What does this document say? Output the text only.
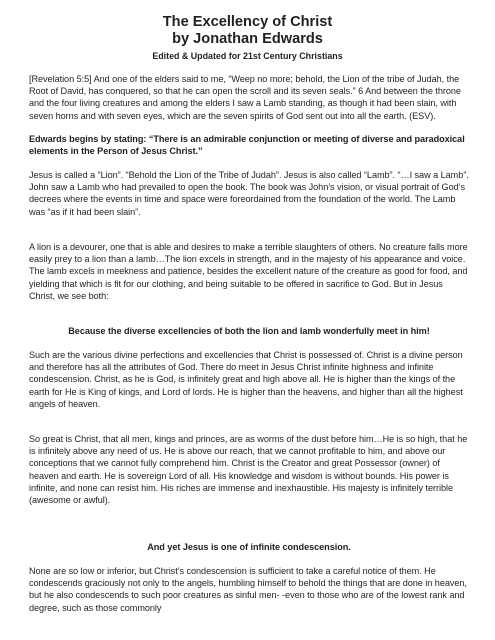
The Excellency of Christ
by Jonathan Edwards
Edited & Updated for 21st Century Christians

[Revelation 5:5] And one of the elders said to me, “Weep no more; behold, the Lion of the tribe of Judah, the Root of David, has conquered, so that he can open the scroll and its seven seals.” 6 And between the throne and the four living creatures and among the elders I saw a Lamb standing, as though it had been slain, with seven horns and with seven eyes, which are the seven spirits of God sent out into all the earth. (ESV).

Edwards begins by stating: “There is an admirable conjunction or meeting of diverse and paradoxical elements in the Person of Jesus Christ.”

Jesus is called a “Lion”. “Behold the Lion of the Tribe of Judah”. Jesus is also called “Lamb”. “…I saw a Lamb”. John saw a Lamb who had prevailed to open the book. The book was John’s vision, or visual portrait of God’s decrees where the events in time and space were foreordained from the foundation of the world. The Lamb was “as if it had been slain”.

A lion is a devourer, one that is able and desires to make a terrible slaughters of others. No creature falls more easily prey to a lion than a lamb…The lion excels in strength, and in the majesty of his appearance and voice. The lamb excels in meekness and patience, besides the excellent nature of the creature as good for food, and yielding that which is fit for our clothing, and being suitable to be offered in sacrifice to God. But in Jesus Christ, we see both:

Because the diverse excellencies of both the lion and lamb wonderfully meet in him!

Such are the various divine perfections and excellencies that Christ is possessed of. Christ is a divine person and therefore has all the attributes of God. There do meet in Jesus Christ infinite highness and infinite condescension. Christ, as he is God, is infinitely great and high above all. He is higher than the kings of the earth for He is King of kings, and Lord of lords. He is higher than the heavens, and higher than all the highest angels of heaven.

So great is Christ, that all men, kings and princes, are as worms of the dust before him…He is so high, that he is infinitely above any need of us. He is above our reach, that we cannot profitable to him, and above our conceptions that we cannot fully comprehend him. Christ is the Creator and great Possessor (owner) of heaven and earth. He is sovereign Lord of all. His knowledge and wisdom is without bounds. His power is infinite, and none can resist him. His riches are immense and inexhaustible. His majesty is infinitely terrible (awesome or awful).

And yet Jesus is one of infinite condescension.

None are so low or inferior, but Christ’s condescension is sufficient to take a careful notice of them. He condescends graciously not only to the angels, humbling himself to behold the things that are done in heaven, but he also condescends to such poor creatures as sinful men- -even to those who are of the lowest rank and degree, such as those commonly
